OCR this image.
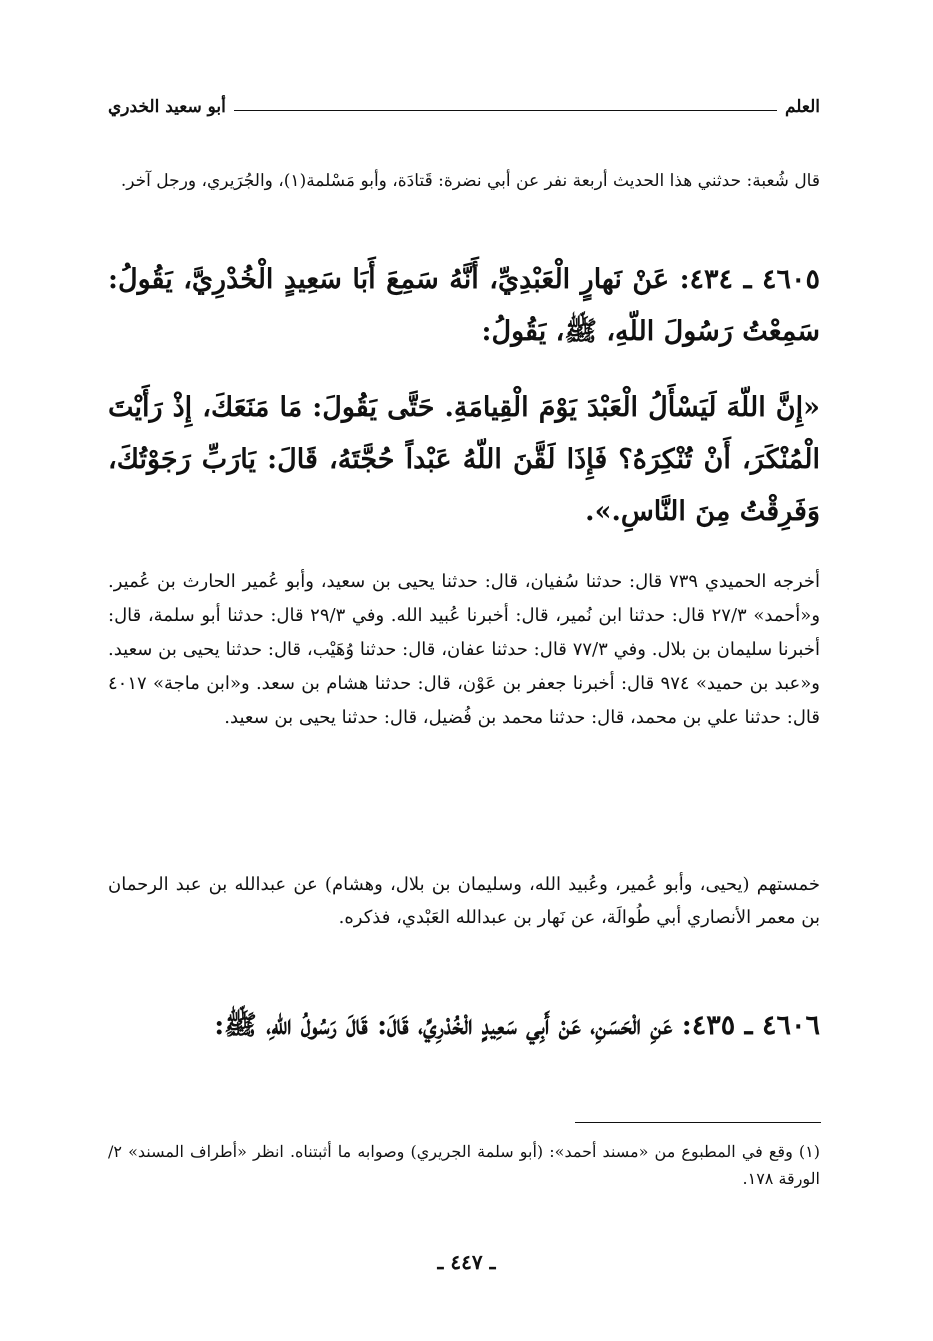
العلم
أبو سعيد الخدري

قال شُعبة: حدثني هذا الحديث أربعة نفر عن أبي نضرة: قَتادَة، وأبو مَسْلمة(١)، والجُرَيري، ورجل آخر.

٤٦٠٥ ـ ٤٣٤: عَنْ نَهارٍ الْعَبْدِيِّ، أَنَّهُ سَمِعَ أَبَا سَعِيدٍ الْخُدْرِيَّ، يَقُولُ: سَمِعْتُ رَسُولَ اللّهِ، ﷺ، يَقُولُ:

«إِنَّ اللّهَ لَيَسْأَلُ الْعَبْدَ يَوْمَ الْقِيامَةِ. حَتَّى يَقُولَ: مَا مَنَعَكَ، إِذْ رَأَيْتَ الْمُنْكَرَ، أَنْ تُنْكِرَهُ؟ فَإِذَا لَقَّنَ اللّهُ عَبْداً حُجَّتَهُ، قَالَ: يَارَبِّ رَجَوْتُكَ، وَفَرِقْتُ مِنَ النَّاسِ.».

أخرجه الحميدي ٧٣٩ قال: حدثنا سُفيان، قال: حدثنا يحيى بن سعيد، وأبو عُمير الحارث بن عُمير. و«أحمد» ٢٧/٣ قال: حدثنا ابن نُمير، قال: أخبرنا عُبيد الله. وفي ٢٩/٣ قال: حدثنا أبو سلمة، قال: أخبرنا سليمان بن بلال. وفي ٧٧/٣ قال: حدثنا عفان، قال: حدثنا وُهَيْب، قال: حدثنا يحيى بن سعيد. و«عبد بن حميد» ٩٧٤ قال: أخبرنا جعفر بن عَوْن، قال: حدثنا هشام بن سعد. و«ابن ماجة» ٤٠١٧ قال: حدثنا علي بن محمد، قال: حدثنا محمد بن فُضيل، قال: حدثنا يحيى بن سعيد.

خمستهم (يحيى، وأبو عُمير، وعُبيد الله، وسليمان بن بلال، وهشام) عن عبدالله بن عبد الرحمان بن معمر الأنصاري أبي طُوالَة، عن نَهار بن عبدالله العَبْدي، فذكره.

٤٦٠٦ ـ ٤٣٥: عَنِ الْحَسَنِ، عَنْ أَبِي سَعِيدٍ الْخُدْرِيِّ، قَالَ: قَالَ رَسُولُ اللّهِ، ﷺ:

(١) وقع في المطبوع من «مسند أحمد»: (أبو سلمة الجريري) وصوابه ما أثبتناه. انظر «أطراف المسند» ٢/الورقة ١٧٨.

ـ ٤٤٧ ـ
